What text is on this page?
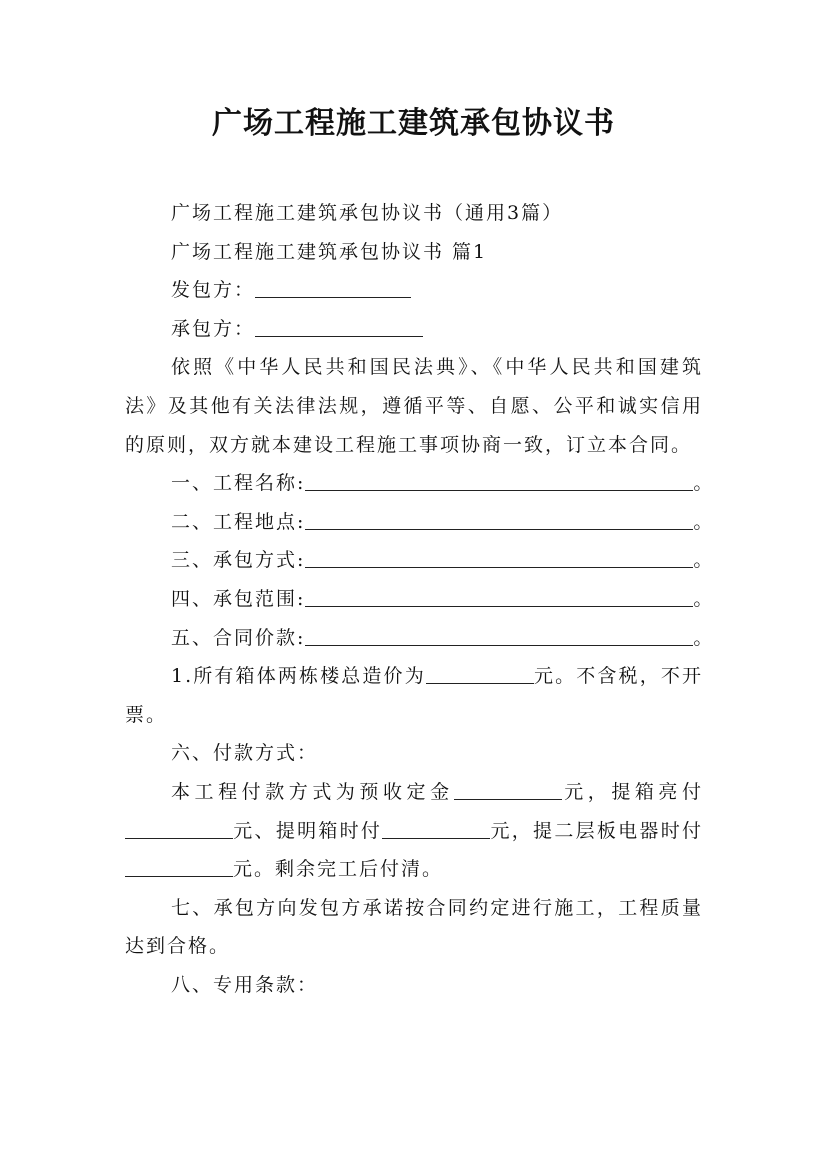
广场工程施工建筑承包协议书

广场工程施工建筑承包协议书（通用3篇）

广场工程施工建筑承包协议书 篇1

发包方：

承包方：

依照《中华人民共和国民法典》、《中华人民共和国建筑法》及其他有关法律法规，遵循平等、自愿、公平和诚实信用的原则，双方就本建设工程施工事项协商一致，订立本合同。

一、工程名称:	。

二、工程地点:	。

三、承包方式:	。

四、承包范围:	。

五、合同价款:	。

1.所有箱体两栋楼总造价为	元。不含税，不开票。

六、付款方式：

本工程付款方式为预收定金	元，提箱亮付元、提明箱时付	元，提二层板电器时付元。剩余完工后付清。

七、承包方向发包方承诺按合同约定进行施工，工程质量达到合格。

八、专用条款：
